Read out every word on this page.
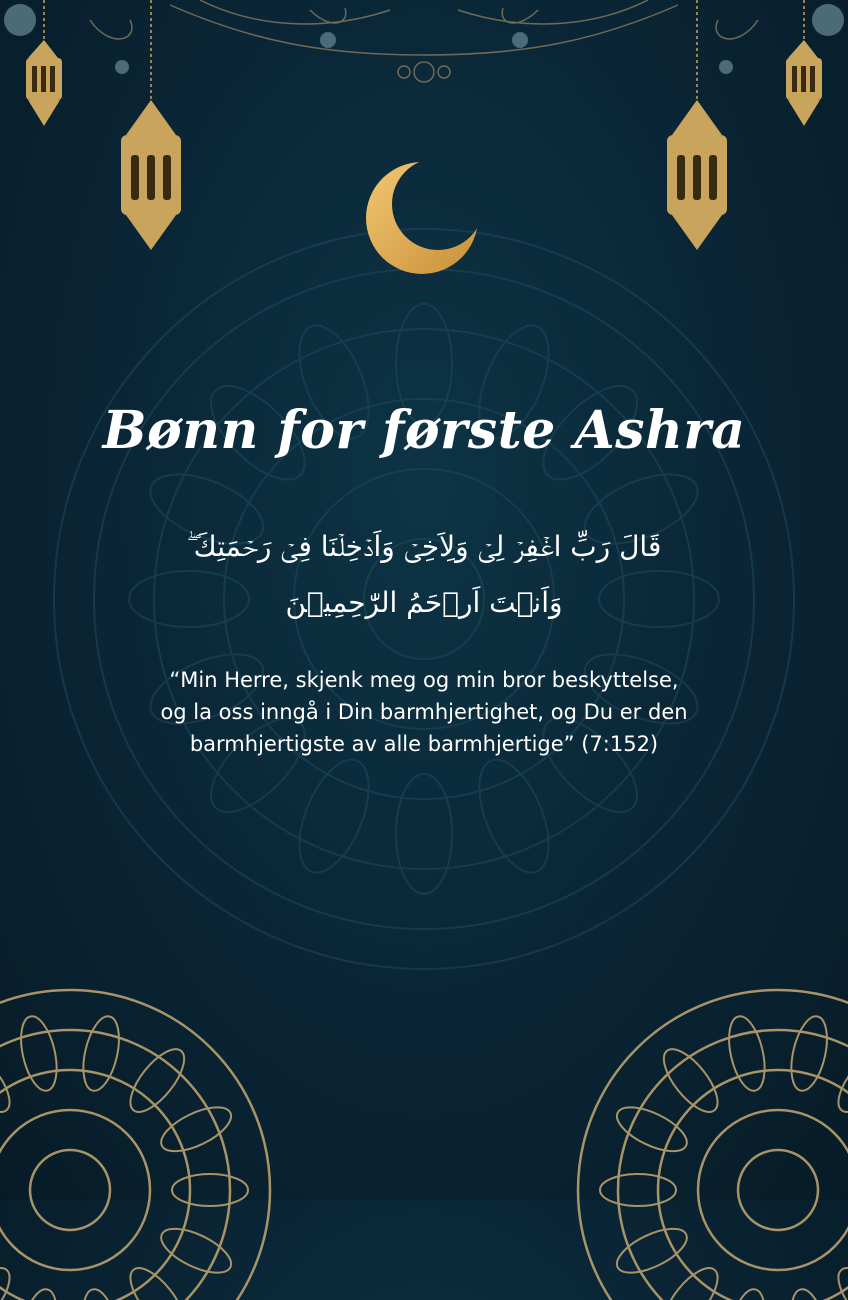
Bønn for første Ashra
قَالَ رَبِّ اغۡفِرۡ لِىۡ وَلِاَخِىۡ وَاَدۡخِلۡنَا فِىۡ رَحۡمَتِكَ ۖ
وَاَنۡتَ اَرۡحَمُ الرّٰحِمِيۡنَ
“Min Herre, skjenk meg og min bror beskyttelse,
og la oss inngå i Din barmhjertighet, og Du er den
barmhjertigste av alle barmhjertige” (7:152)
